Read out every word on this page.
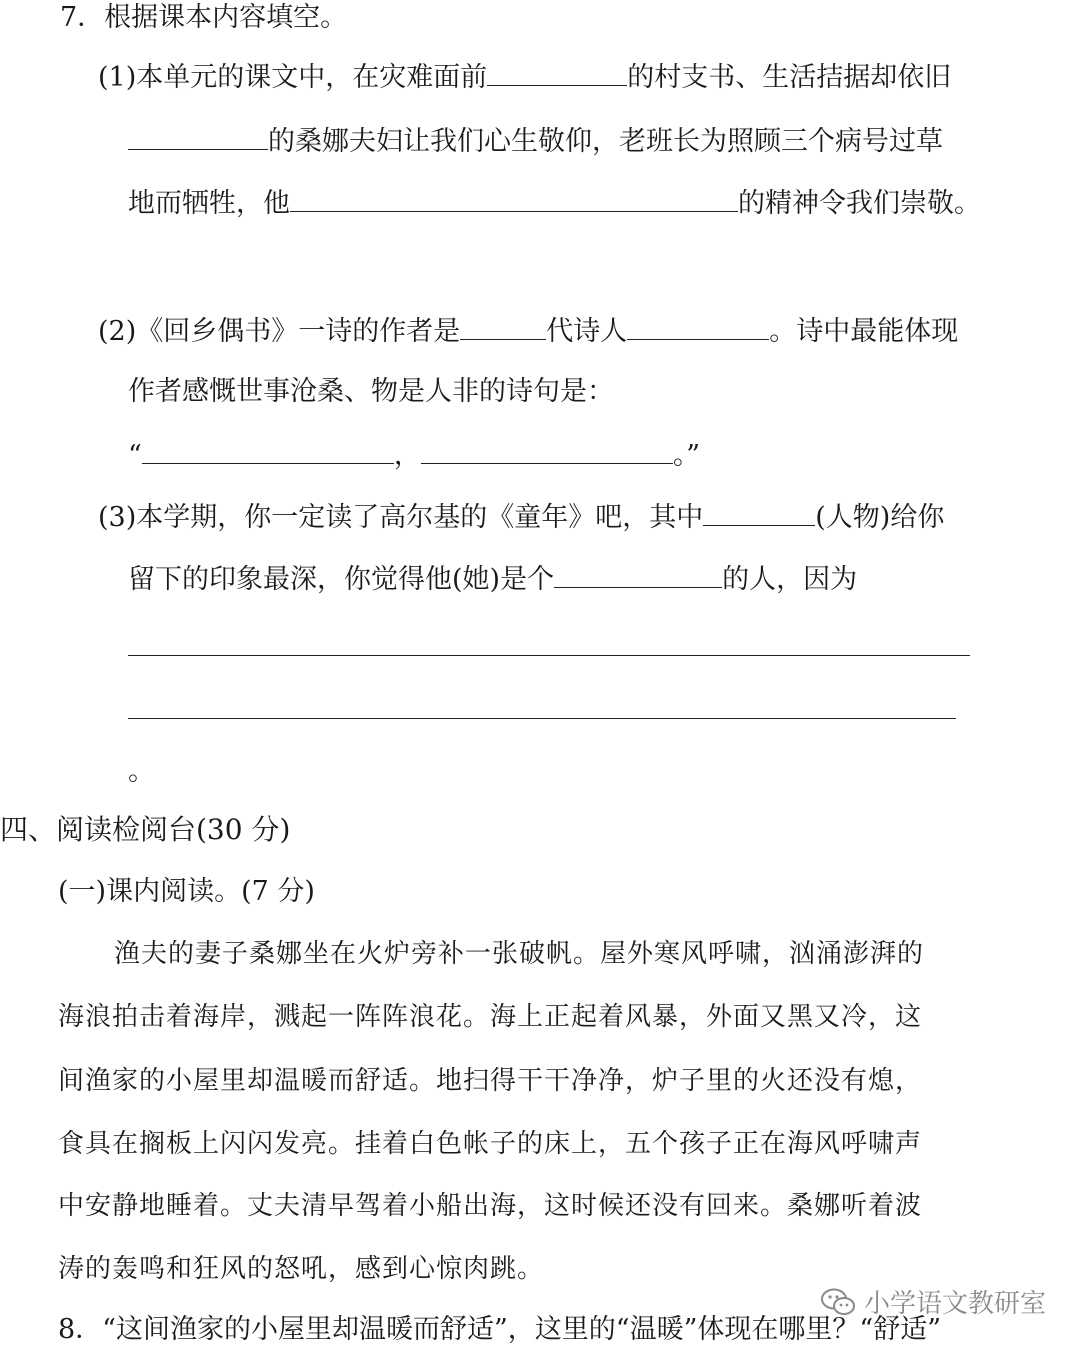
7．根据课本内容填空。
(1)本单元的课文中，在灾难面前	的村支书、生活拮据却依旧
的桑娜夫妇让我们心生敬仰，老班长为照顾三个病号过草
地而牺牲，他	的精神令我们崇敬。
(2)《回乡偶书》一诗的作者是	代诗人	。诗中最能体现
作者感慨世事沧桑、物是人非的诗句是：
“	，	。”
(3)本学期，你一定读了高尔基的《童年》吧，其中	(人物)给你
留下的印象最深，你觉得他(她)是个	的人，因为
。
四、阅读检阅台(30 分)
(一)课内阅读。(7 分)
渔夫的妻子桑娜坐在火炉旁补一张破帆。屋外寒风呼啸，汹涌澎湃的
海浪拍击着海岸，溅起一阵阵浪花。海上正起着风暴，外面又黑又冷，这
间渔家的小屋里却温暖而舒适。地扫得干干净净，炉子里的火还没有熄，
食具在搁板上闪闪发亮。挂着白色帐子的床上，五个孩子正在海风呼啸声
中安静地睡着。丈夫清早驾着小船出海，这时候还没有回来。桑娜听着波
涛的轰鸣和狂风的怒吼，感到心惊肉跳。
8．“这间渔家的小屋里却温暖而舒适”，这里的“温暖”体现在哪里？“舒适”
小学语文教研室
